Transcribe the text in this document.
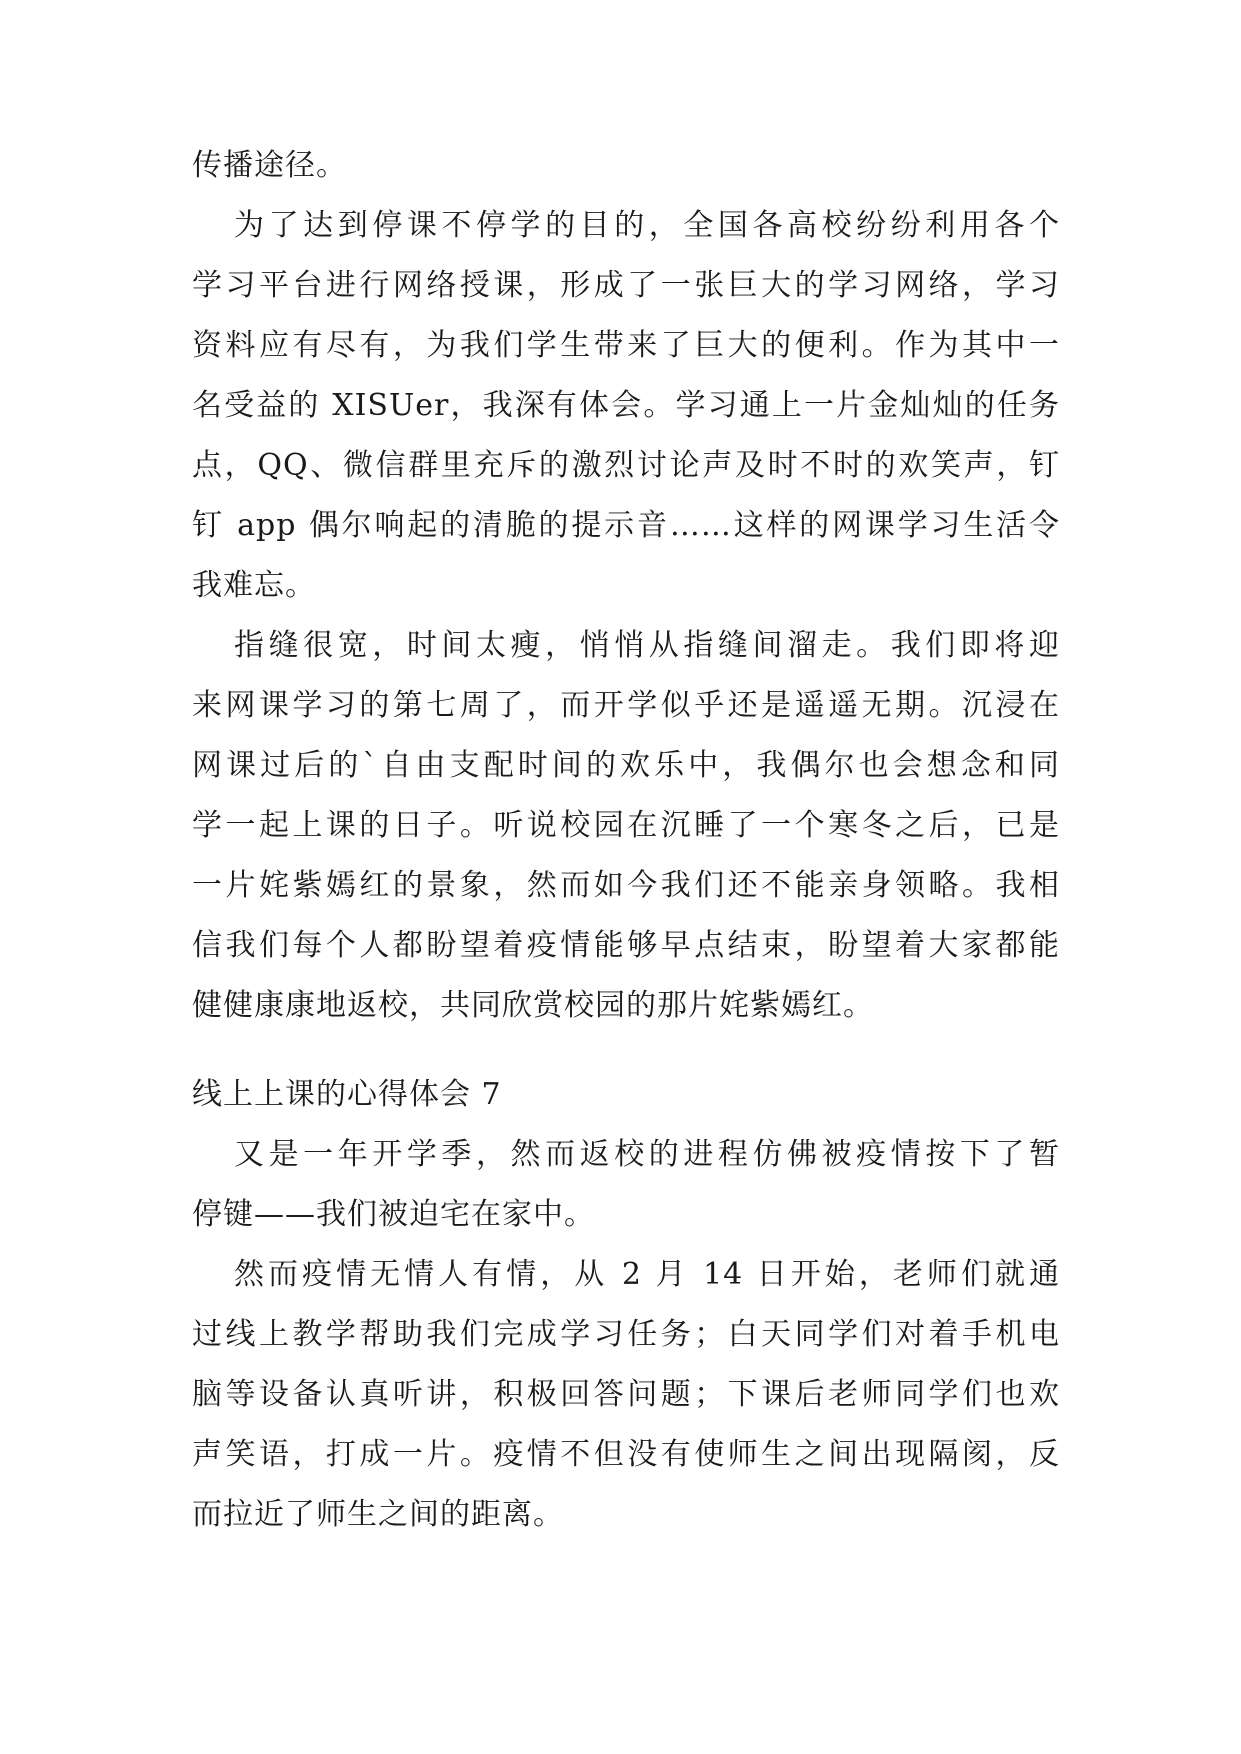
传播途径。
为了达到停课不停学的目的，全国各高校纷纷利用各个
学习平台进行网络授课，形成了一张巨大的学习网络，学习
资料应有尽有，为我们学生带来了巨大的便利。作为其中一
名受益的 XISUer，我深有体会。学习通上一片金灿灿的任务
点，QQ、微信群里充斥的激烈讨论声及时不时的欢笑声，钉
钉 app 偶尔响起的清脆的提示音……这样的网课学习生活令
我难忘。
指缝很宽，时间太瘦，悄悄从指缝间溜走。我们即将迎
来网课学习的第七周了，而开学似乎还是遥遥无期。沉浸在
网课过后的`自由支配时间的欢乐中，我偶尔也会想念和同
学一起上课的日子。听说校园在沉睡了一个寒冬之后，已是
一片姹紫嫣红的景象，然而如今我们还不能亲身领略。我相
信我们每个人都盼望着疫情能够早点结束，盼望着大家都能
健健康康地返校，共同欣赏校园的那片姹紫嫣红。
线上上课的心得体会 7
又是一年开学季，然而返校的进程仿佛被疫情按下了暂
停键——我们被迫宅在家中。
然而疫情无情人有情，从 2 月 14 日开始，老师们就通
过线上教学帮助我们完成学习任务；白天同学们对着手机电
脑等设备认真听讲，积极回答问题；下课后老师同学们也欢
声笑语，打成一片。疫情不但没有使师生之间出现隔阂，反
而拉近了师生之间的距离。
